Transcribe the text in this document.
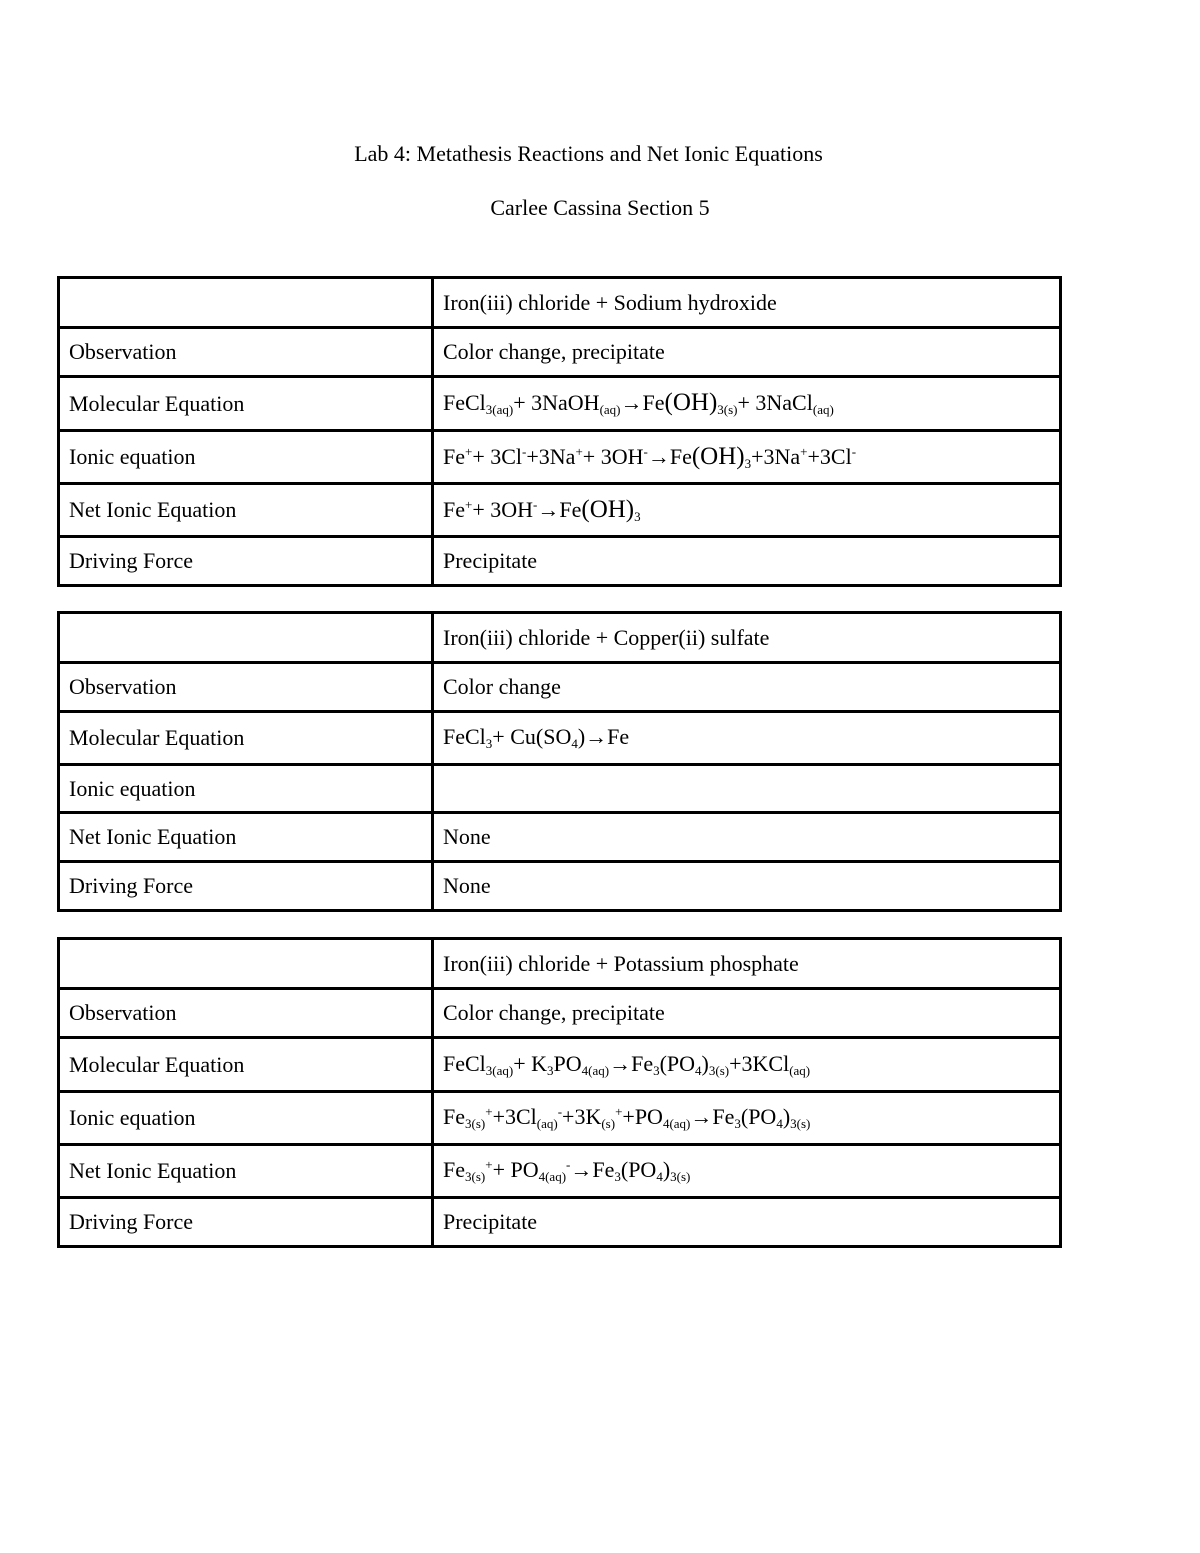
Lab 4: Metathesis Reactions and Net Ionic Equations
Carlee Cassina Section 5
	Iron(iii) chloride + Sodium hydroxide
Observation	Color change, precipitate
Molecular Equation	FeCl$_{3(aq)}$+ $3NaOH_{(aq)}\to Fe(OH)_{3(s)}+$ 3NaCl$_{(aq)}$
Ionic equation	$Fe^++ 3Cl^-+3Na^++ 3OH^-\to Fe(OH)_3+3Na^++3Cl^-$
Net Ionic Equation	$Fe^++ 3OH^-\to Fe(OH)_3$
Driving Force	Precipitate
	Iron(iii) chloride + Copper(ii) sulfate
Observation	Color change
Molecular Equation	FeCl$_3$+ $Cu(SO_4)\to Fe$
Ionic equation	
Net Ionic Equation	None
Driving Force	None
	Iron(iii) chloride + Potassium phosphate
Observation	Color change, precipitate
Molecular Equation	FeCl$_{3(aq)}$+ $K_3PO_{4(aq)}\to Fe_3(PO_4)_{3(s)}+3KCl_{(aq)}$
Ionic equation	$Fe_{3(s)}^++3Cl_{(aq)}^-+3K_{(s)}^++PO_{4(aq)}\to Fe_3(PO_4)_{3(s)}$
Net Ionic Equation	$Fe_{3(s)}^++ PO_{4(aq)}^-\to Fe_3(PO_4)_{3(s)}$
Driving Force	Precipitate
